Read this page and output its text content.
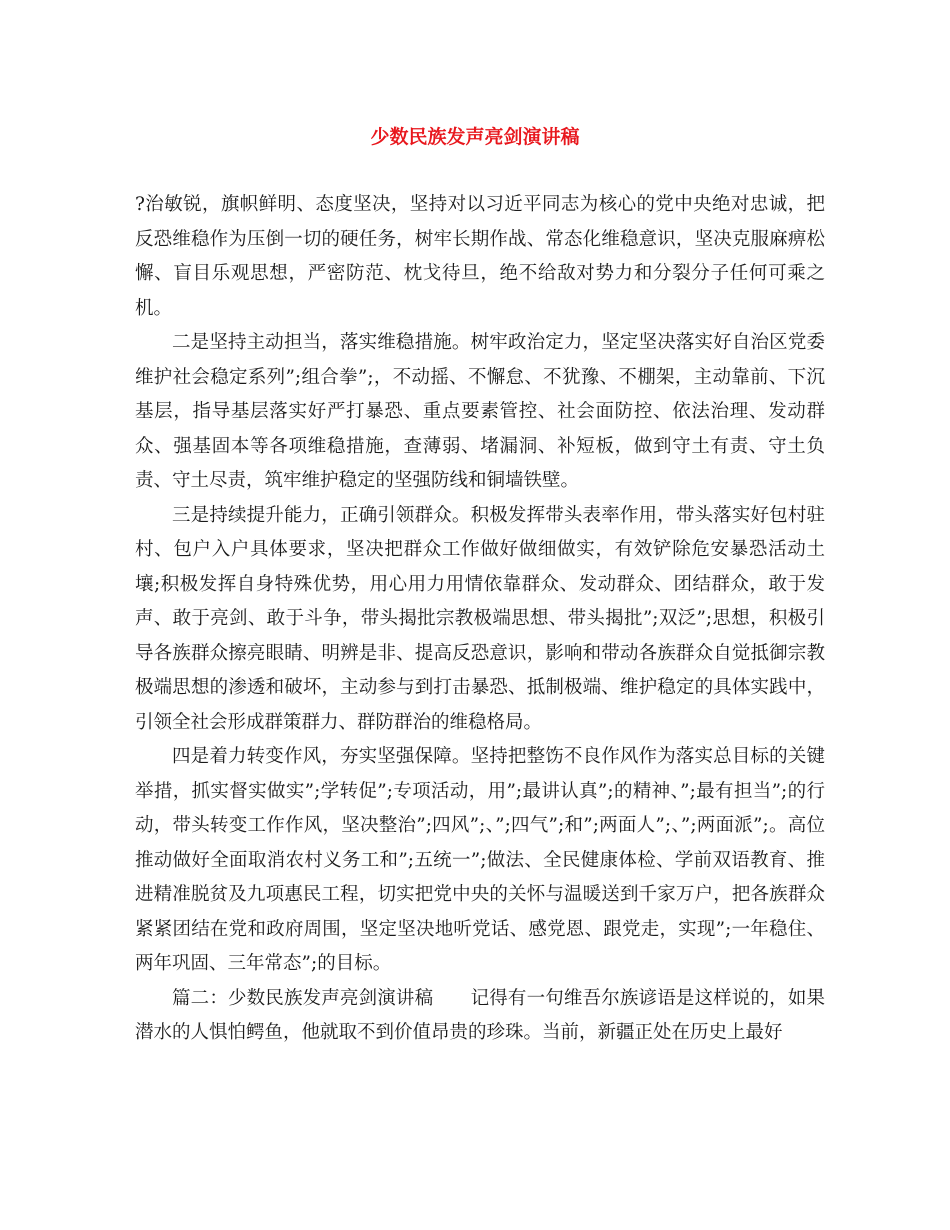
少数民族发声亮剑演讲稿

?治敏锐，旗帜鲜明、态度坚决，坚持对以习近平同志为核心的党中央绝对忠诚，把反恐维稳作为压倒一切的硬任务，树牢长期作战、常态化维稳意识，坚决克服麻痹松懈、盲目乐观思想，严密防范、枕戈待旦，绝不给敌对势力和分裂分子任何可乘之机。

二是坚持主动担当，落实维稳措施。树牢政治定力，坚定坚决落实好自治区党委维护社会稳定系列”;组合拳”;，不动摇、不懈怠、不犹豫、不棚架，主动靠前、下沉基层，指导基层落实好严打暴恐、重点要素管控、社会面防控、依法治理、发动群众、强基固本等各项维稳措施，查薄弱、堵漏洞、补短板，做到守土有责、守土负责、守土尽责，筑牢维护稳定的坚强防线和铜墙铁壁。

三是持续提升能力，正确引领群众。积极发挥带头表率作用，带头落实好包村驻村、包户入户具体要求，坚决把群众工作做好做细做实，有效铲除危安暴恐活动土壤;积极发挥自身特殊优势，用心用力用情依靠群众、发动群众、团结群众，敢于发声、敢于亮剑、敢于斗争，带头揭批宗教极端思想、带头揭批”;双泛”;思想，积极引导各族群众擦亮眼睛、明辨是非、提高反恐意识，影响和带动各族群众自觉抵御宗教极端思想的渗透和破坏，主动参与到打击暴恐、抵制极端、维护稳定的具体实践中，引领全社会形成群策群力、群防群治的维稳格局。

四是着力转变作风，夯实坚强保障。坚持把整饬不良作风作为落实总目标的关键举措，抓实督实做实”;学转促”;专项活动，用”;最讲认真”;的精神、”;最有担当”;的行动，带头转变工作作风，坚决整治”;四风”;、”;四气”;和”;两面人”;、”;两面派”;。高位推动做好全面取消农村义务工和”;五统一”;做法、全民健康体检、学前双语教育、推进精准脱贫及九项惠民工程，切实把党中央的关怀与温暖送到千家万户，把各族群众紧紧团结在党和政府周围，坚定坚决地听党话、感党恩、跟党走，实现”;一年稳住、两年巩固、三年常态”;的目标。

篇二：少数民族发声亮剑演讲稿　　记得有一句维吾尔族谚语是这样说的，如果潜水的人惧怕鳄鱼，他就取不到价值昂贵的珍珠。当前，新疆正处在历史上最好
